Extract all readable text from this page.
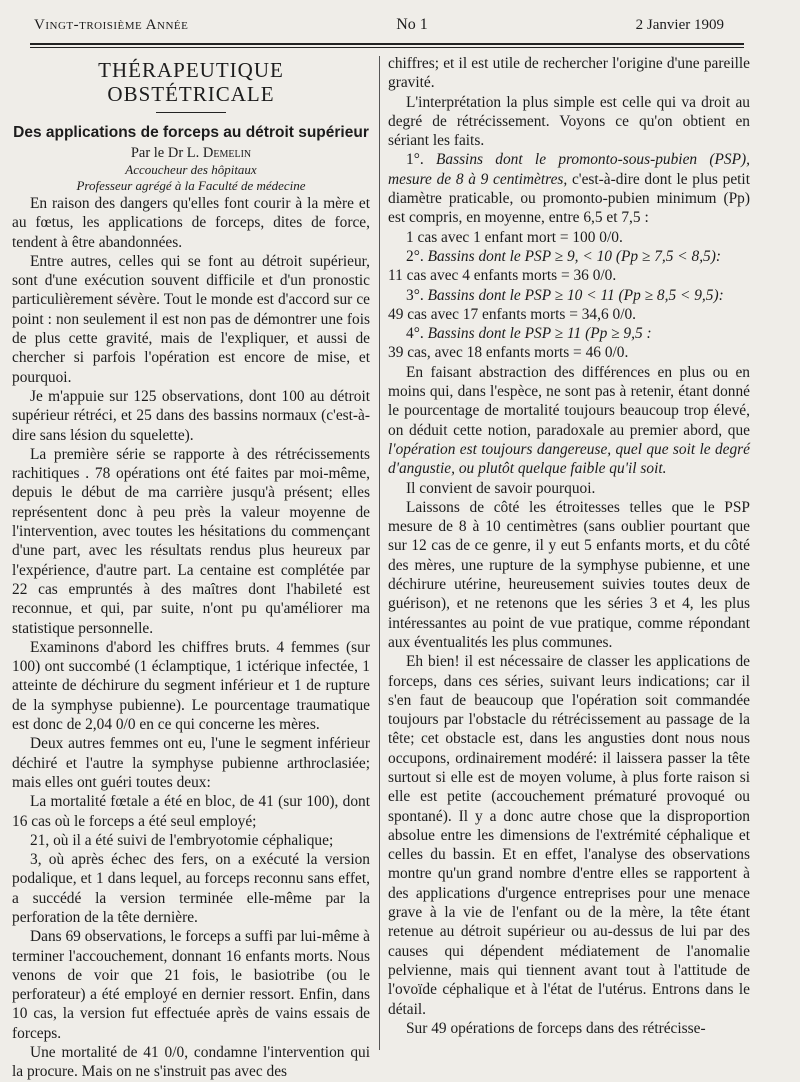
Vingt-troisième Année	No 1	2 Janvier 1909
THÉRAPEUTIQUE OBSTÉTRICALE
Des applications de forceps au détroit supérieur
Par le Dr L. Demelin
Accoucheur des hôpitaux
Professeur agrégé à la Faculté de médecine

En raison des dangers qu'elles font courir à la mère et au fœtus, les applications de forceps, dites de force, tendent à être abandonnées.

Entre autres, celles qui se font au détroit supérieur, sont d'une exécution souvent difficile et d'un pronostic particulièrement sévère. Tout le monde est d'accord sur ce point : non seulement il est non pas de démontrer une fois de plus cette gravité, mais de l'expliquer, et aussi de chercher si parfois l'opération est encore de mise, et pourquoi.

Je m'appuie sur 125 observations, dont 100 au détroit supérieur rétréci, et 25 dans des bassins normaux (c'est-à-dire sans lésion du squelette).

La première série se rapporte à des rétrécissements rachitiques . 78 opérations ont été faites par moi-même, depuis le début de ma carrière jusqu'à présent; elles représentent donc à peu près la valeur moyenne de l'intervention, avec toutes les hésitations du commençant d'une part, avec les résultats rendus plus heureux par l'expérience, d'autre part. La centaine est complétée par 22 cas empruntés à des maîtres dont l'habileté est reconnue, et qui, par suite, n'ont pu qu'améliorer ma statistique personnelle.

Examinons d'abord les chiffres bruts. 4 femmes (sur 100) ont succombé (1 éclamptique, 1 ictérique infectée, 1 atteinte de déchirure du segment inférieur et 1 de rupture de la symphyse pubienne). Le pourcentage traumatique est donc de 2,04 0/0 en ce qui concerne les mères.

Deux autres femmes ont eu, l'une le segment inférieur déchiré et l'autre la symphyse pubienne arthroclasiée; mais elles ont guéri toutes deux:

La mortalité fœtale a été en bloc, de 41 (sur 100), dont 16 cas où le forceps a été seul employé;

21, où il a été suivi de l'embryotomie céphalique;

3, où après échec des fers, on a exécuté la version podalique, et 1 dans lequel, au forceps reconnu sans effet, a succédé la version terminée elle-même par la perforation de la tête dernière.

Dans 69 observations, le forceps a suffi par lui-même à terminer l'accouchement, donnant 16 enfants morts. Nous venons de voir que 21 fois, le basiotribe (ou le perforateur) a été employé en dernier ressort. Enfin, dans 10 cas, la version fut effectuée après de vains essais de forceps.

Une mortalité de 41 0/0, condamne l'intervention qui la procure. Mais on ne s'instruit pas avec des

chiffres; et il est utile de rechercher l'origine d'une pareille gravité.

L'interprétation la plus simple est celle qui va droit au degré de rétrécissement. Voyons ce qu'on obtient en sériant les faits.

1°. Bassins dont le promonto-sous-pubien (PSP), mesure de 8 à 9 centimètres, c'est-à-dire dont le plus petit diamètre praticable, ou promonto-pubien minimum (Pp) est compris, en moyenne, entre 6,5 et 7,5 :
1 cas avec 1 enfant mort = 100 0/0.
2°. Bassins dont le PSP ≥ 9, < 10 (Pp ≥ 7,5 < 8,5):
11 cas avec 4 enfants morts = 36 0/0.
3°. Bassins dont le PSP ≥ 10 < 11 (Pp ≥ 8,5 < 9,5):
49 cas avec 17 enfants morts = 34,6 0/0.
4°. Bassins dont le PSP ≥ 11 (Pp ≥ 9,5 :
39 cas, avec 18 enfants morts = 46 0/0.

En faisant abstraction des différences en plus ou en moins qui, dans l'espèce, ne sont pas à retenir, étant donné le pourcentage de mortalité toujours beaucoup trop élevé, on déduit cette notion, paradoxale au premier abord, que l'opération est toujours dangereuse, quel que soit le degré d'angustie, ou plutôt quelque faible qu'il soit.

Il convient de savoir pourquoi.

Laissons de côté les étroitesses telles que le PSP mesure de 8 à 10 centimètres (sans oublier pourtant que sur 12 cas de ce genre, il y eut 5 enfants morts, et du côté des mères, une rupture de la symphyse pubienne, et une déchirure utérine, heureusement suivies toutes deux de guérison), et ne retenons que les séries 3 et 4, les plus intéressantes au point de vue pratique, comme répondant aux éventualités les plus communes.

Eh bien! il est nécessaire de classer les applications de forceps, dans ces séries, suivant leurs indications; car il s'en faut de beaucoup que l'opération soit commandée toujours par l'obstacle du rétrécissement au passage de la tête; cet obstacle est, dans les angusties dont nous nous occupons, ordinairement modéré: il laissera passer la tête surtout si elle est de moyen volume, à plus forte raison si elle est petite (accouchement prématuré provoqué ou spontané). Il y a donc autre chose que la disproportion absolue entre les dimensions de l'extrémité céphalique et celles du bassin. Et en effet, l'analyse des observations montre qu'un grand nombre d'entre elles se rapportent à des applications d'urgence entreprises pour une menace grave à la vie de l'enfant ou de la mère, la tête étant retenue au détroit supérieur ou au-dessus de lui par des causes qui dépendent médiatement de l'anomalie pelvienne, mais qui tiennent avant tout à l'attitude de l'ovoïde céphalique et à l'état de l'utérus. Entrons dans le détail.

Sur 49 opérations de forceps dans des rétrécisse-
